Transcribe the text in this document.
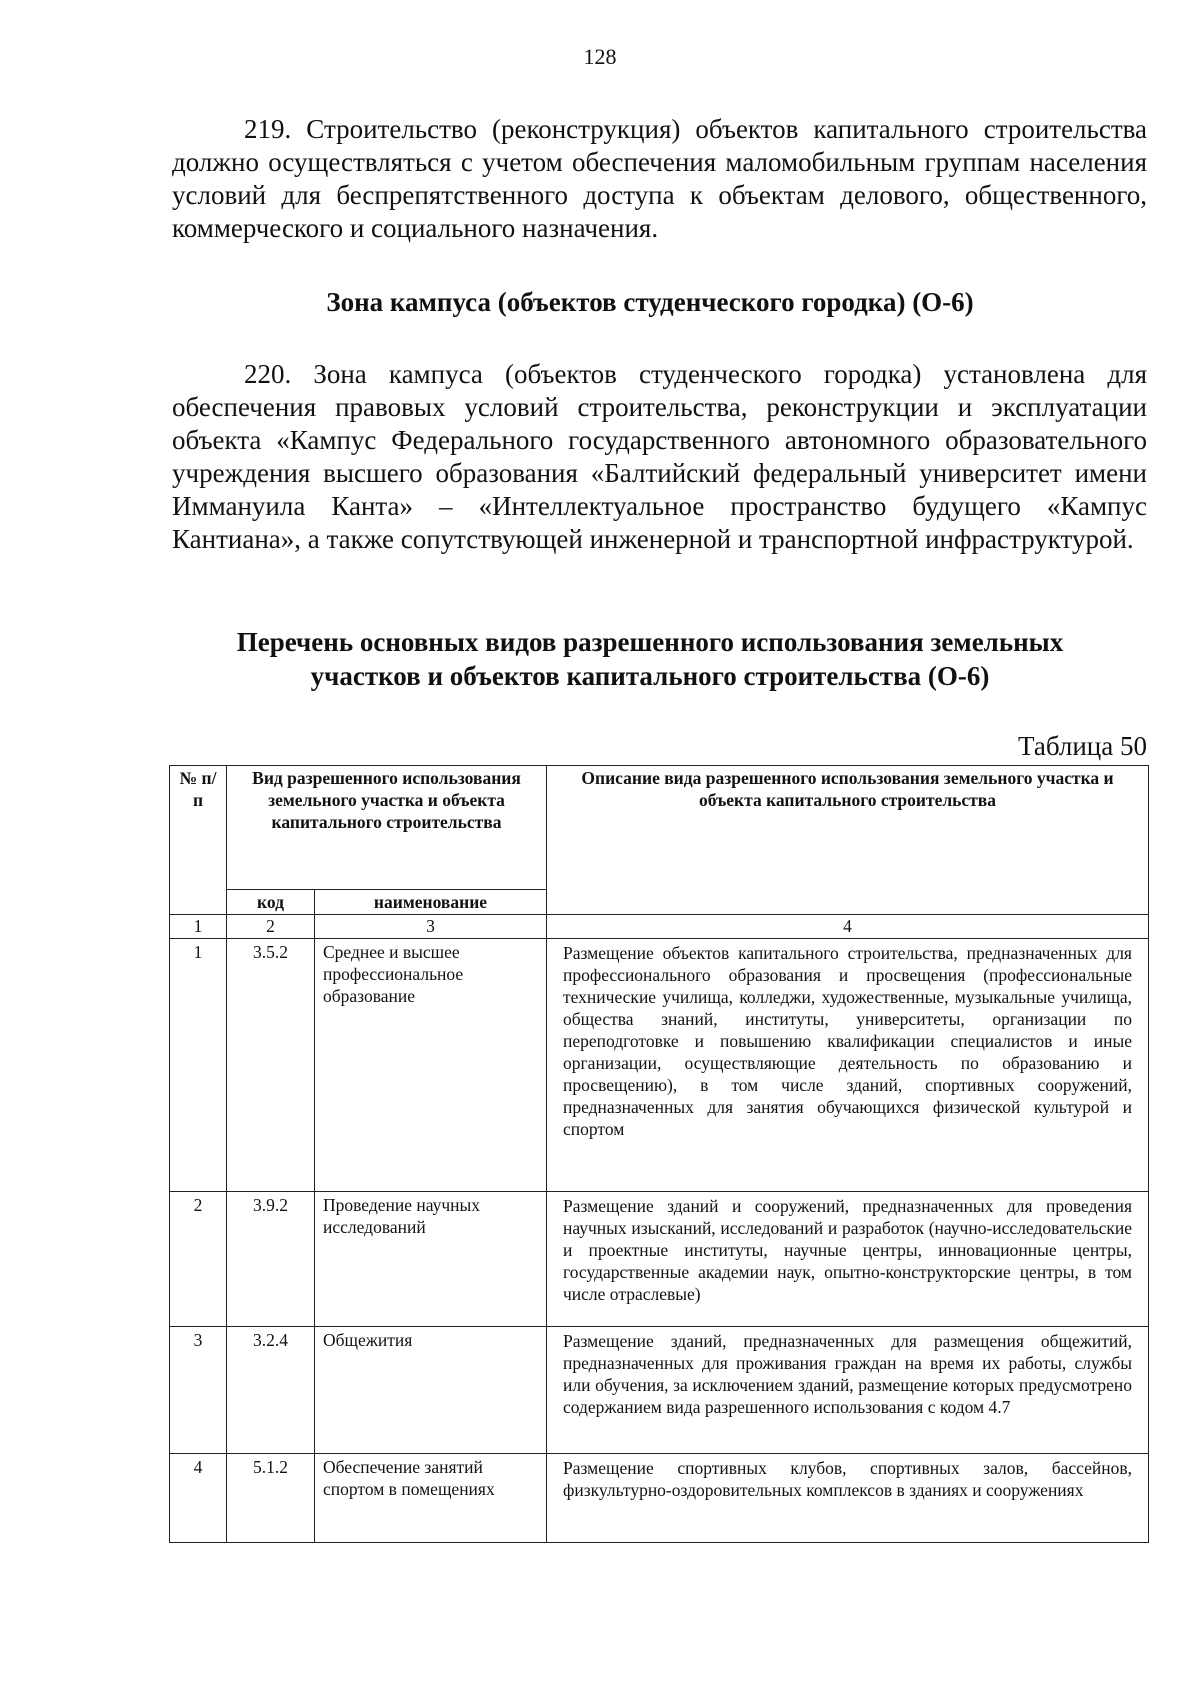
128

219. Строительство (реконструкция) объектов капитального строительства должно осуществляться с учетом обеспечения маломобильным группам населения условий для беспрепятственного доступа к объектам делового, общественного, коммерческого и социального назначения.

Зона кампуса (объектов студенческого городка) (О-6)

220. Зона кампуса (объектов студенческого городка) установлена для обеспечения правовых условий строительства, реконструкции и эксплуатации объекта «Кампус Федерального государственного автономного образовательного учреждения высшего образования «Балтийский федеральный университет имени Иммануила Канта» – «Интеллектуальное пространство будущего «Кампус Кантиана», а также сопутствующей инженерной и транспортной инфраструктурой.

Перечень основных видов разрешенного использования земельных
участков и объектов капитального строительства (О-6)
Таблица 50
№ п/п	Вид разрешенного использования земельного участка и объекта капитального строительства		Описание вида разрешенного использования земельного участка и объекта капитального строительства
	код	наименование	
1	2	3	4
1	3.5.2	Среднее и высшее профессиональное образование	Размещение объектов капитального строительства, предназначенных для профессионального образования и просвещения (профессиональные технические училища, колледжи, художественные, музыкальные училища, общества знаний, институты, университеты, организации по переподготовке и повышению квалификации специалистов и иные организации, осуществляющие деятельность по образованию и просвещению), в том числе зданий, спортивных сооружений, предназначенных для занятия обучающихся физической культурой и спортом
2	3.9.2	Проведение научных исследований	Размещение зданий и сооружений, предназначенных для проведения научных изысканий, исследований и разработок (научно-исследовательские и проектные институты, научные центры, инновационные центры, государственные академии наук, опытно-конструкторские центры, в том числе отраслевые)
3	3.2.4	Общежития	Размещение зданий, предназначенных для размещения общежитий, предназначенных для проживания граждан на время их работы, службы или обучения, за исключением зданий, размещение которых предусмотрено содержанием вида разрешенного использования с кодом 4.7
4	5.1.2	Обеспечение занятий спортом в помещениях	Размещение спортивных клубов, спортивных залов, бассейнов, физкультурно-оздоровительных комплексов в зданиях и сооружениях
